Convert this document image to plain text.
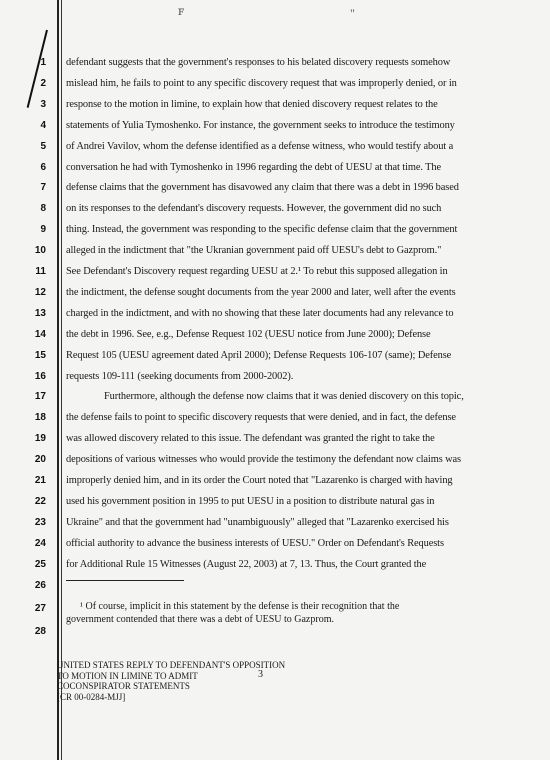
ꜰ	"
1 defendant suggests that the government's responses to his belated discovery requests somehow
2 mislead him, he fails to point to any specific discovery request that was improperly denied, or in
3 response to the motion in limine, to explain how that denied discovery request relates to the
4 statements of Yulia Tymoshenko. For instance, the government seeks to introduce the testimony
5 of Andrei Vavilov, whom the defense identified as a defense witness, who would testify about a
6 conversation he had with Tymoshenko in 1996 regarding the debt of UESU at that time. The
7 defense claims that the government has disavowed any claim that there was a debt in 1996 based
8 on its responses to the defendant's discovery requests. However, the government did no such
9 thing. Instead, the government was responding to the specific defense claim that the government
10 alleged in the indictment that "the Ukranian government paid off UESU's debt to Gazprom."
11 See Defendant's Discovery request regarding UESU at 2.¹ To rebut this supposed allegation in
12 the indictment, the defense sought documents from the year 2000 and later, well after the events
13 charged in the indictment, and with no showing that these later documents had any relevance to
14 the debt in 1996. See, e.g., Defense Request 102 (UESU notice from June 2000); Defense
15 Request 105 (UESU agreement dated April 2000); Defense Requests 106-107 (same); Defense
16 requests 109-111 (seeking documents from 2000-2002).
17	Furthermore, although the defense now claims that it was denied discovery on this topic,
18 the defense fails to point to specific discovery requests that were denied, and in fact, the defense
19 was allowed discovery related to this issue. The defendant was granted the right to take the
20 depositions of various witnesses who would provide the testimony the defendant now claims was
21 improperly denied him, and in its order the Court noted that "Lazarenko is charged with having
22 used his government position in 1995 to put UESU in a position to distribute natural gas in
23 Ukraine" and that the government had "unambiguously" alleged that "Lazarenko exercised his
24 official authority to advance the business interests of UESU." Order on Defendant's Requests
25 for Additional Rule 15 Witnesses (August 22, 2003) at 7, 13. Thus, the Court granted the
26
27
28
¹ Of course, implicit in this statement by the defense is their recognition that the
government contended that there was a debt of UESU to Gazprom.
UNITED STATES REPLY TO DEFENDANT'S OPPOSITION
TO MOTION IN LIMINE TO ADMIT
COCONSPIRATOR STATEMENTS
[CR 00-0284-MJJ]
3
